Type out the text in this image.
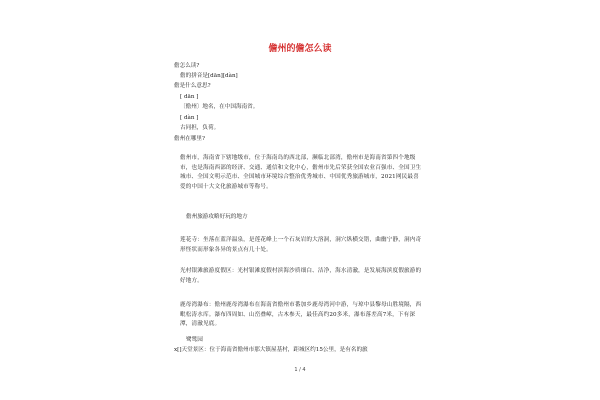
儋州的儋怎么读
儋怎么读?
儋的拼音是[dān][dàn]
儋是什么意思?
[ dān ]
〔儋州〕地名，在中国海南省。
[ dàn ]
古同担，负荷。
儋州在哪里?
儋州市，海南省下辖地级市，位于海南岛的西北部，濒临北部湾，儋州市是海南省第四个地级市，也是海南西部的经济、交通、通信和文化中心，儋州市先后荣获全国农业百强市、全国卫生城市、全国文明示范市、全国城市环境综合整治优秀城市、中国优秀旅游城市，2021网民最喜爱的中国十大文化旅游城市等称号。
儋州旅游攻略好玩的地方
莲花寺：坐落在蓝洋温泉，是莲花峰上一个石灰岩的大溶洞，洞穴纵横交错，曲幽宁静，洞内奇形怪状而形象各异的景点有几十处。
光村银滩旅游度假区：光村银滩度假村滨海沙质细白、洁净，海水清澈，是发展海滨度假旅游的好地方。
鹿母湾瀑布：儋州鹿母湾瀑布在海南省儋州市番加乡鹿母湾河中游，与琼中县黎母山胜境隔，西毗松涛水库。瀑布四周如、山峦叠嶂，古木参天，最佳高约20多米，瀑布落差高7米，下有深潭，清澈见底。
鹭鸶园
x[]天堂景区：位于海南省儋州市那大镇屋基村，距城区约15公里，是有名的旅
1 / 4
